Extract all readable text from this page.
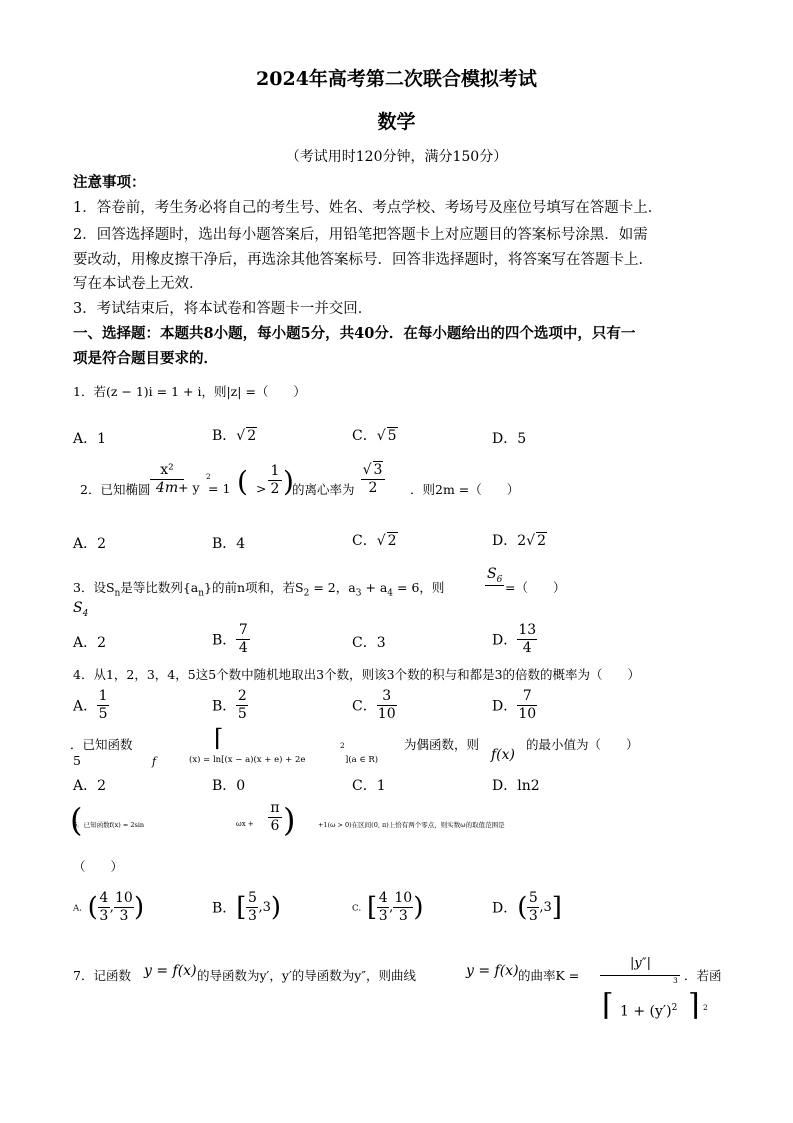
2024年高考第二次联合模拟考试
数学
（考试用时120分钟，满分150分）
注意事项：
1．答卷前，考生务必将自己的考生号、姓名、考点学校、考场号及座位号填写在答题卡上．
2．回答选择题时，选出每小题答案后，用铅笔把答题卡上对应题目的答案标号涂黑．如需
要改动，用橡皮擦干净后，再选涂其他答案标号．回答非选择题时，将答案写在答题卡上．
写在本试卷上无效．
3．考试结束后，将本试卷和答题卡一并交回．
一、选择题：本题共8小题，每小题5分，共40分．在每小题给出的四个选项中，只有一
项是符合题目要求的．
1．若(z − 1)i = 1 + i，则|z| =（　　）
A．1	B．√ 2	C．√ 5	D．5
2．已知椭圆 $\frac{\text{x²}}{4m}$
+ y
2
= 1 ( > $\frac{1}{2}$ )
的离心率为 $\frac{√ 3}{2}$ ．则2m =（　　）
A．2	B．4	C．√ 2	D．2√ 2
3．设$S_n$是等比数列$\{a_n\}$的前n项和，若$S_2 = 2$，$a_3 + a_4 = 6$，则
$S_6$
=（　　）
$S_4$
A．2	B． $\frac{7}{4}$	C．3	D． $\frac{13}{4}$
4．从1，2，3，4，5这5个数中随机地取出3个数，则该3个数的积与和都是3的倍数的概率为（　　）
A． $\frac{1}{5}$	B． $\frac{2}{5}$	C． $\frac{3}{10}$	D． $\frac{7}{10}$
．已知函数
5	f
⌈
(x) = ln[(x − a)(x + e) + 2e
2
](a ∈ R)
为偶函数，则
f(x)
的最小值为（　　）
A．2	B．0	C．1	D．ln2
(
6．已知函数f(x) = 2sin	$\omega x + \frac{\pi}{6}$ )	+1(ω > 0)在区间(0, π)上恰有两个零点，则实数ω的取值范围是
（　　）
A．( $\frac{4}{3}$ , $\frac{10}{3}$ )	B．[ $\frac{5}{3} ,3$)	C．[ $\frac{4}{3}$ , $\frac{10}{3}$ )	D．( $\frac{5}{3} ,3$]
7．记函数 y = f(x) 的导函数为y′，y′的导函数为y″，则曲线	y = f(x) 的曲率K =
|y″|
3 ．若函
⌈ $1 + (y')^2$ ⌉ 2
